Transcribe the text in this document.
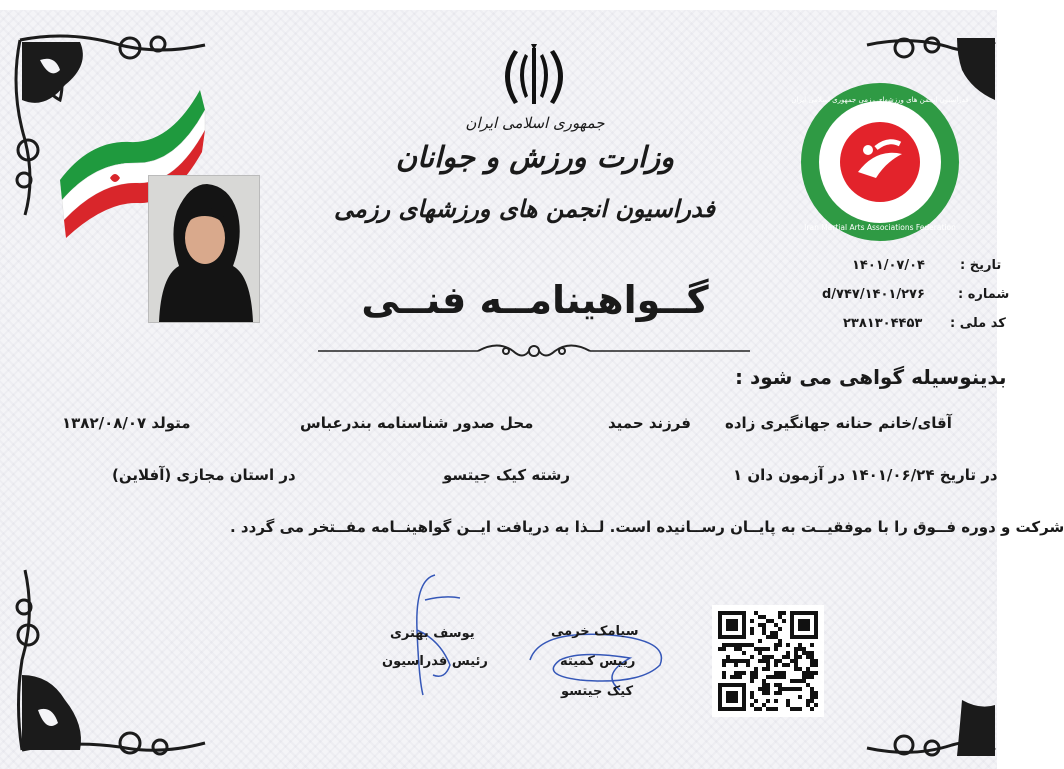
جمهوری اسلامی ایران
وزارت ورزش و جوانان
فدراسیون انجمن های ورزشهای رزمی
گــواهینامــه فنــی
فدراسیون انجمن های ورزشهای رزمی جمهوری اسلامی ایران
Iran Martial Arts Associations Federation
تاریخ :
۱۴۰۱/۰۷/۰۴
شماره :
۱۴۰۱/۲۷۶/d/۷۴۷
کد ملی :
۲۳۸۱۳۰۴۴۵۳
بدینوسیله گواهی می شود :
آقای/خانم حنانه جهانگیری زاده
فرزند حمید
محل صدور شناسنامه بندرعباس
متولد ۱۳۸۲/۰۸/۰۷
در تاریخ ۱۴۰۱/۰۶/۲۴ در آزمون دان ۱
رشته کیک جیتسو
در استان مجازی (آفلاین)
شرکت و دوره فــوق را با موفقیــت به پایــان رســانیده است. لــذا به دریافت ایــن گواهینــامه مفــتخر می گردد .
سیامک خرمی
رییس کمیته
کیک جیتسو
یوسف بهتری
رئیس فدراسیون
